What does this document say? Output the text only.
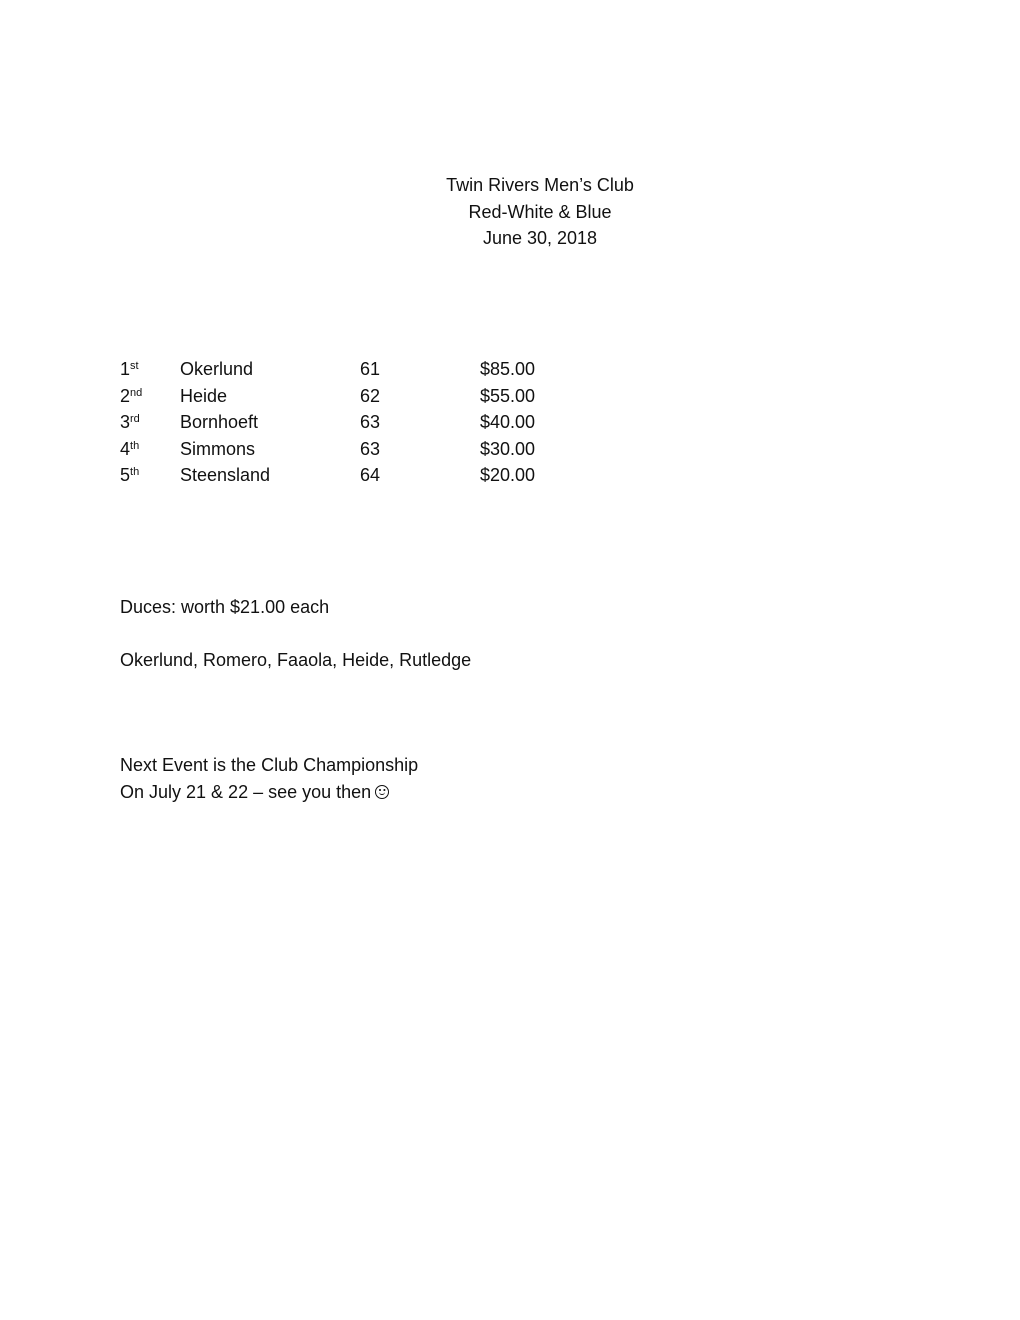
Twin Rivers Men’s Club
Red-White & Blue
June 30, 2018
1st Okerlund	61	$85.00
2nd Heide	62	$55.00
3rd Bornhoeft	63	$40.00
4th Simmons	63	$30.00
5th Steensland	64	$20.00
Duces: worth $21.00 each
Okerlund, Romero, Faaola, Heide, Rutledge
Next Event is the Club Championship
On July 21 & 22 – see you then
